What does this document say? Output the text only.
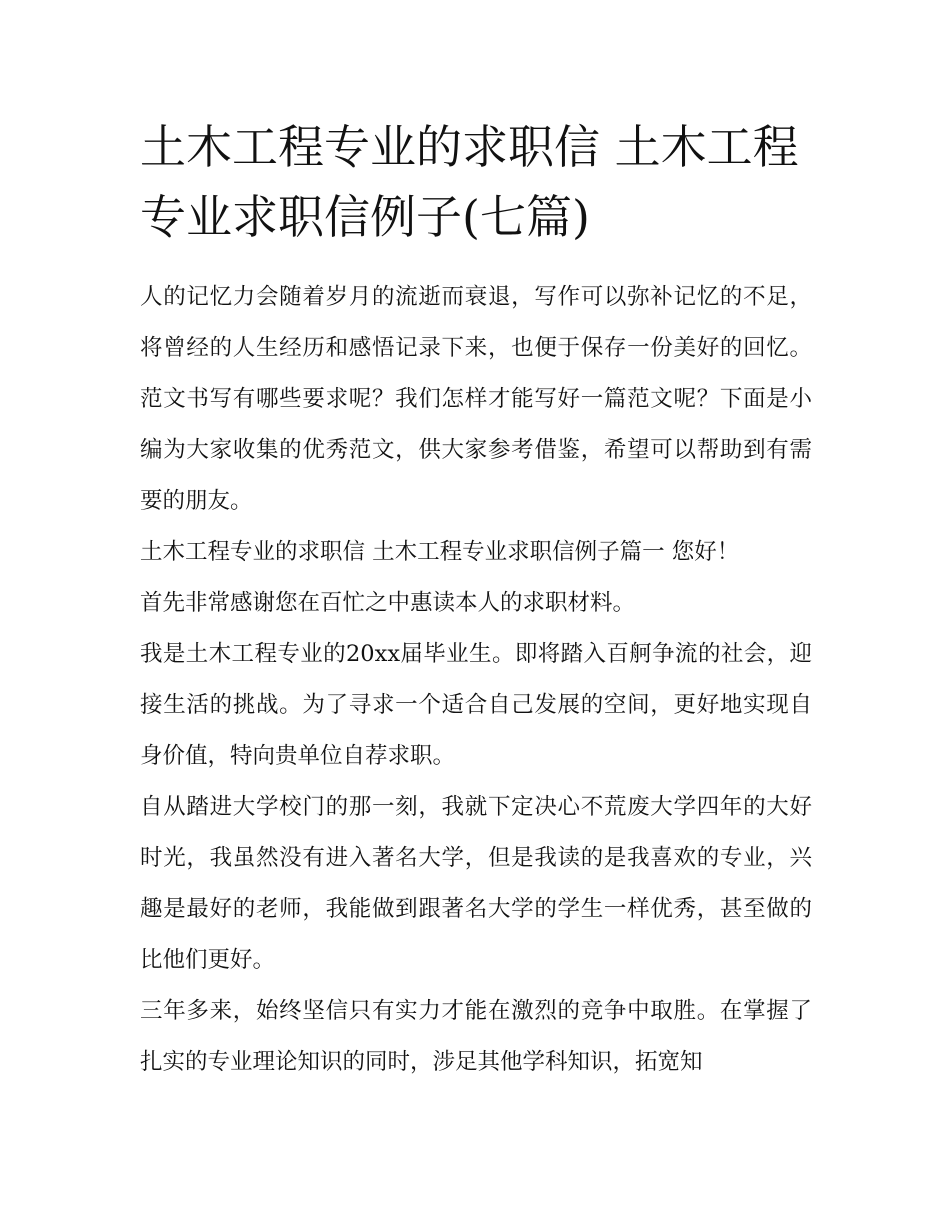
土木工程专业的求职信 土木工程专业求职信例子(七篇)

人的记忆力会随着岁月的流逝而衰退，写作可以弥补记忆的不足，将曾经的人生经历和感悟记录下来，也便于保存一份美好的回忆。范文书写有哪些要求呢？我们怎样才能写好一篇范文呢？下面是小编为大家收集的优秀范文，供大家参考借鉴，希望可以帮助到有需要的朋友。

土木工程专业的求职信 土木工程专业求职信例子篇一 您好！

首先非常感谢您在百忙之中惠读本人的求职材料。

我是土木工程专业的20xx届毕业生。即将踏入百舸争流的社会，迎接生活的挑战。为了寻求一个适合自己发展的空间，更好地实现自身价值，特向贵单位自荐求职。

自从踏进大学校门的那一刻，我就下定决心不荒废大学四年的大好时光，我虽然没有进入著名大学，但是我读的是我喜欢的专业，兴趣是最好的老师，我能做到跟著名大学的学生一样优秀，甚至做的比他们更好。

三年多来，始终坚信只有实力才能在激烈的竞争中取胜。在掌握了扎实的专业理论知识的同时，涉足其他学科知识，拓宽知
